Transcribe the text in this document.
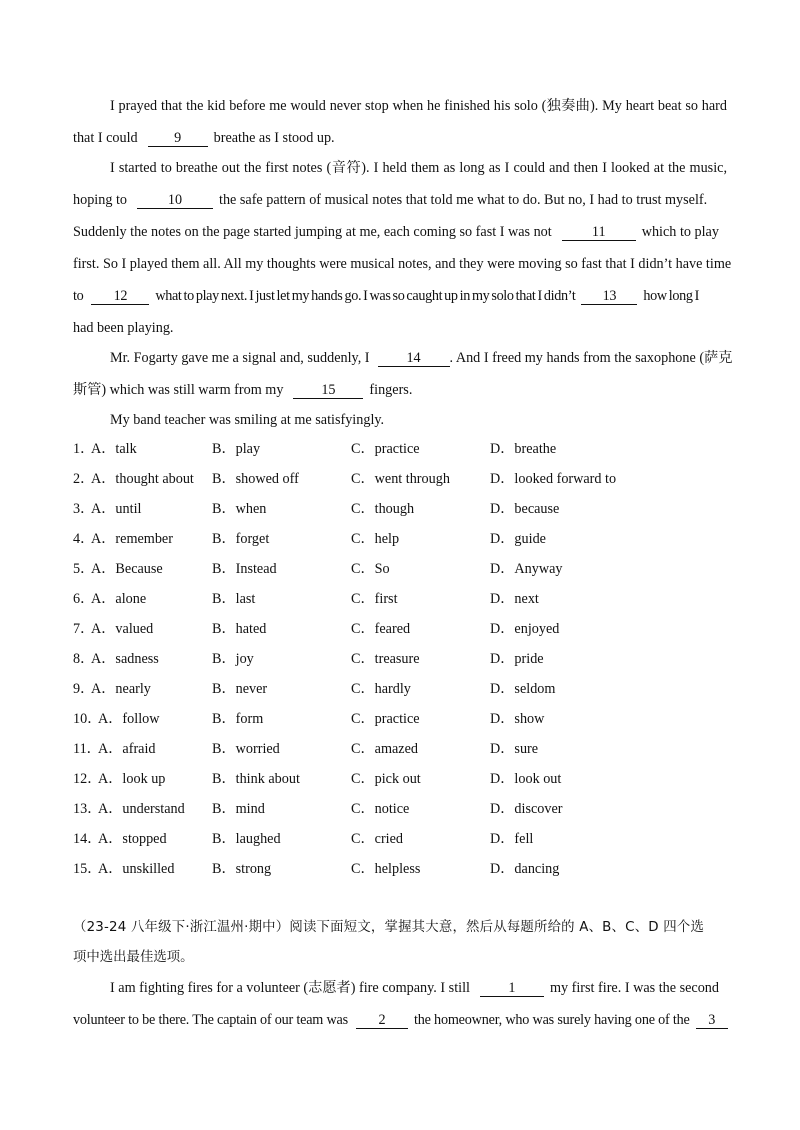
I prayed that the kid before me would never stop when he finished his solo (独奏曲). My heart beat so hard
that I could	9 breathe as I stood up.
I started to breathe out the first notes (音符). I held them as long as I could and then I looked at the music,
hoping to	10	the safe pattern of musical notes that told me what to do. But no, I had to trust myself.
Suddenly the notes on the page started jumping at me, each coming so fast I was not	11	which to play
first. So I played them all. All my thoughts were musical notes, and they were moving so fast that I didn’t have time
to 12 what to play next. I just let my hands go. I was so caught up in my solo that I didn’t 13 how long I
had been playing.
Mr. Fogarty gave me a signal and, suddenly, I	14 . And I freed my hands from the saxophone (萨克
斯管) which was still warm from my	15 fingers.
My band teacher was smiling at me satisfyingly.
1．
A．talk	B．play	C．practice	D．breathe
2．
A．thought about B．showed off	C．went through	D．looked forward to
3．
A．until	B．when	C．though	D．because
4．
A．remember	B．forget	C．help	D．guide
5．
A．Because	B．Instead	C．So	D．Anyway
6．
A．alone	B．last	C．first	D．next
7．
A．valued	B．hated	C．feared	D．enjoyed
8．
A．sadness	B．joy	C．treasure	D．pride
9．
A．nearly	B．never	C．hardly	D．seldom
10．
A．follow	B．form	C．practice	D．show
11．
A．afraid	B．worried	C．amazed	D．sure
12．
A．look up	B．think about	C．pick out	D．look out
13．
A．understand B．mind	C．notice	D．discover
14．
A．stopped	B．laughed	C．cried	D．fell
15．
A．unskilled	B．strong	C．helpless	D．dancing
（23-24 八年级下·浙江温州·期中）阅读下面短文，掌握其大意，然后从每题所给的 A、B、C、D 四个选
项中选出最佳选项。
I am fighting fires for a volunteer (志愿者) fire company. I still	1 my first fire. I was the second
volunteer to be there. The captain of our team was 2 the homeowner, who was surely having one of the 3
